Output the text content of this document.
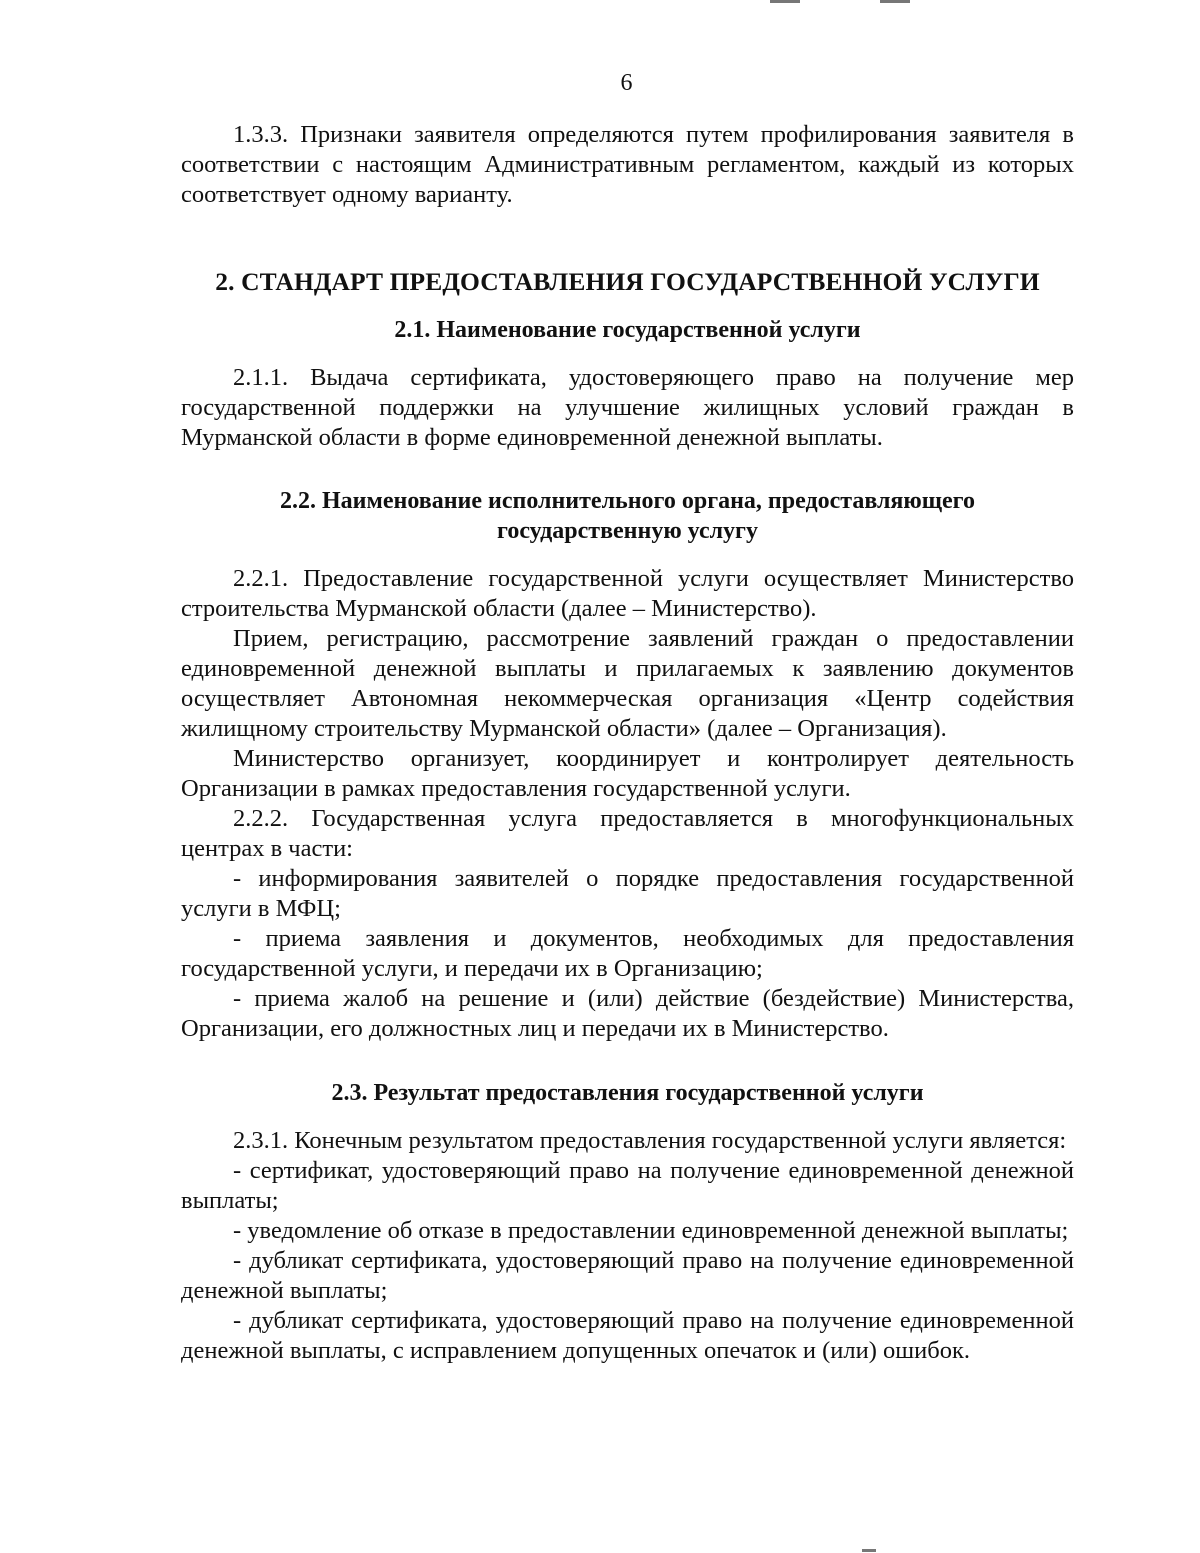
6

1.3.3. Признаки заявителя определяются путем профилирования заявителя в соответствии с настоящим Административным регламентом, каждый из которых соответствует одному варианту.

2. СТАНДАРТ ПРЕДОСТАВЛЕНИЯ ГОСУДАРСТВЕННОЙ УСЛУГИ
2.1. Наименование государственной услуги

2.1.1. Выдача сертификата, удостоверяющего право на получение мер государственной поддержки на улучшение жилищных условий граждан в Мурманской области в форме единовременной денежной выплаты.

2.2. Наименование исполнительного органа, предоставляющего
государственную услугу

2.2.1. Предоставление государственной услуги осуществляет Министерство строительства Мурманской области (далее – Министерство).

Прием, регистрацию, рассмотрение заявлений граждан о предоставлении единовременной денежной выплаты и прилагаемых к заявлению документов осуществляет Автономная некоммерческая организация «Центр содействия жилищному строительству Мурманской области» (далее – Организация).

Министерство организует, координирует и контролирует деятельность Организации в рамках предоставления государственной услуги.

2.2.2. Государственная услуга предоставляется в многофункциональных центрах в части:

- информирования заявителей о порядке предоставления государственной услуги в МФЦ;

- приема заявления и документов, необходимых для предоставления государственной услуги, и передачи их в Организацию;

- приема жалоб на решение и (или) действие (бездействие) Министерства, Организации, его должностных лиц и передачи их в Министерство.

2.3. Результат предоставления государственной услуги

2.3.1. Конечным результатом предоставления государственной услуги является:

- сертификат, удостоверяющий право на получение единовременной денежной выплаты;

- уведомление об отказе в предоставлении единовременной денежной выплаты;

- дубликат сертификата, удостоверяющий право на получение единовременной денежной выплаты;

- дубликат сертификата, удостоверяющий право на получение единовременной денежной выплаты, с исправлением допущенных опечаток и (или) ошибок.
